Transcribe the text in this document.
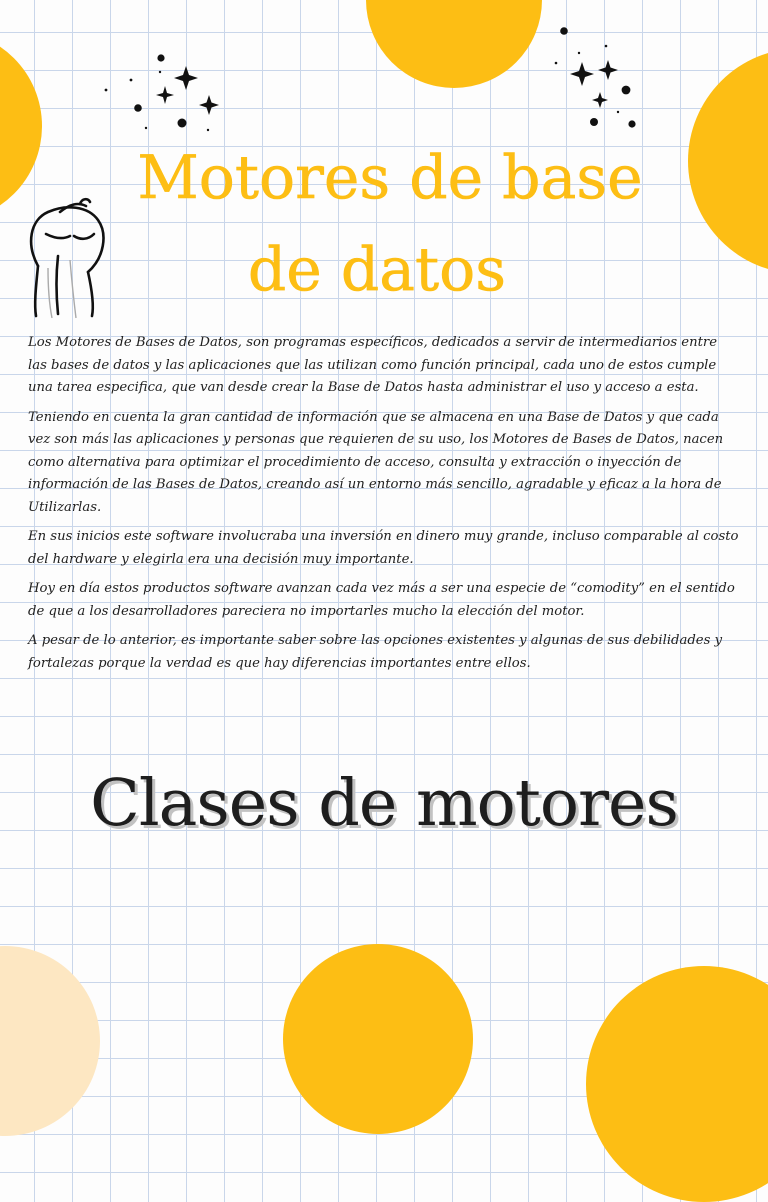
Motores de base
de datos

Los Motores de Bases de Datos, son programas específicos, dedicados a servir de intermediarios entre las bases de datos y las aplicaciones que las utilizan como función principal, cada uno de estos cumple una tarea especifica, que van desde crear la Base de Datos hasta administrar el uso y acceso a esta.

Teniendo en cuenta la gran cantidad de información que se almacena en una Base de Datos y que cada vez son más las aplicaciones y personas que requieren de su uso, los Motores de Bases de Datos, nacen como alternativa para optimizar el procedimiento de acceso, consulta y extracción o inyección de información de las Bases de Datos, creando así un entorno más sencillo, agradable y eficaz a la hora de Utilizarlas.

En sus inicios este software involucraba una inversión en dinero muy grande, incluso comparable al costo del hardware y elegirla era una decisión muy importante.

Hoy en día estos productos software avanzan cada vez más a ser una especie de “comodity” en el sentido de que a los desarrolladores pareciera no importarles mucho la elección del motor.

A pesar de lo anterior, es importante saber sobre las opciones existentes y algunas de sus debilidades y fortalezas porque la verdad es que hay diferencias importantes entre ellos.

Clases de motores
